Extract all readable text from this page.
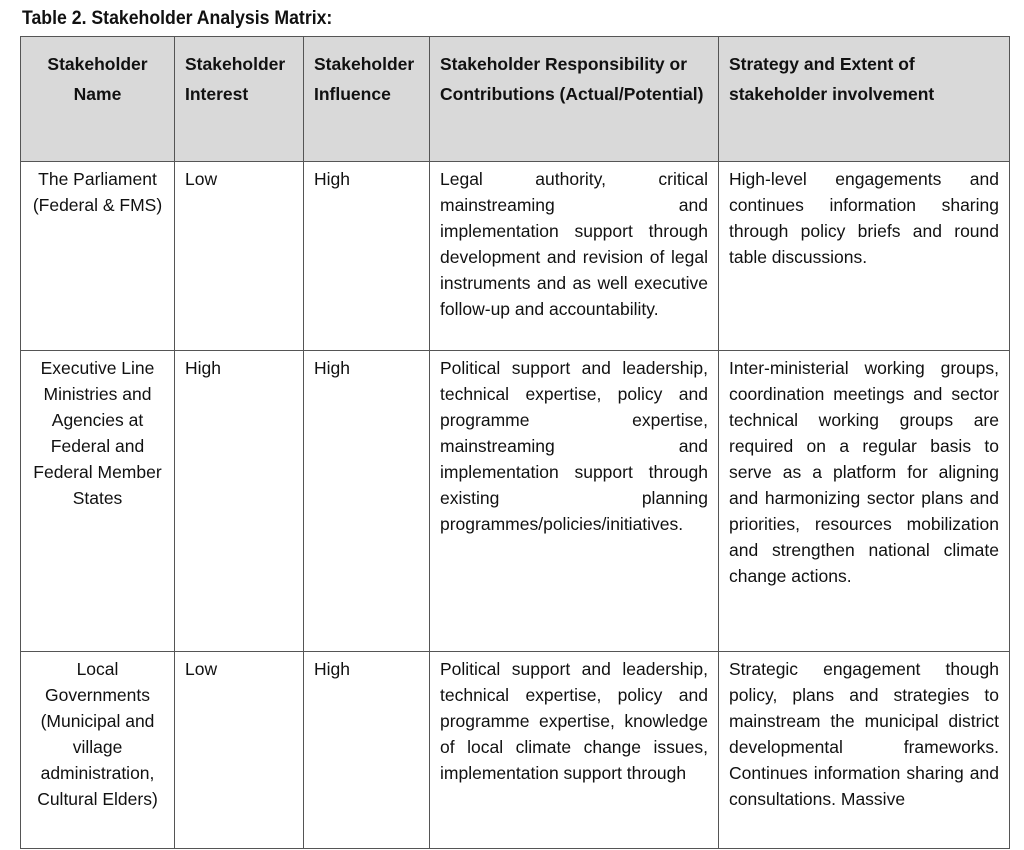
Table 2. Stakeholder Analysis Matrix:
Stakeholder Name	Stakeholder Interest	Stakeholder Influence	Stakeholder Responsibility or Contributions (Actual/Potential)	Strategy and Extent of stakeholder involvement
The Parliament (Federal & FMS)	Low	High	Legal authority, critical mainstreaming and implementation support through development and revision of legal instruments and as well executive follow-up and accountability.	High-level engagements and continues information sharing through policy briefs and round table discussions.
Executive Line Ministries and Agencies at Federal and Federal Member States	High	High	Political support and leadership, technical expertise, policy and programme expertise, mainstreaming and implementation support through existing planning programmes/policies/initiatives.	Inter-ministerial working groups, coordination meetings and sector technical working groups are required on a regular basis to serve as a platform for aligning and harmonizing sector plans and priorities, resources mobilization and strengthen national climate change actions.
Local Governments (Municipal and village administration, Cultural Elders)	Low	High	Political support and leadership, technical expertise, policy and programme expertise, knowledge of local climate change issues, implementation support through	Strategic engagement though policy, plans and strategies to mainstream the municipal district developmental frameworks. Continues information sharing and consultations. Massive
